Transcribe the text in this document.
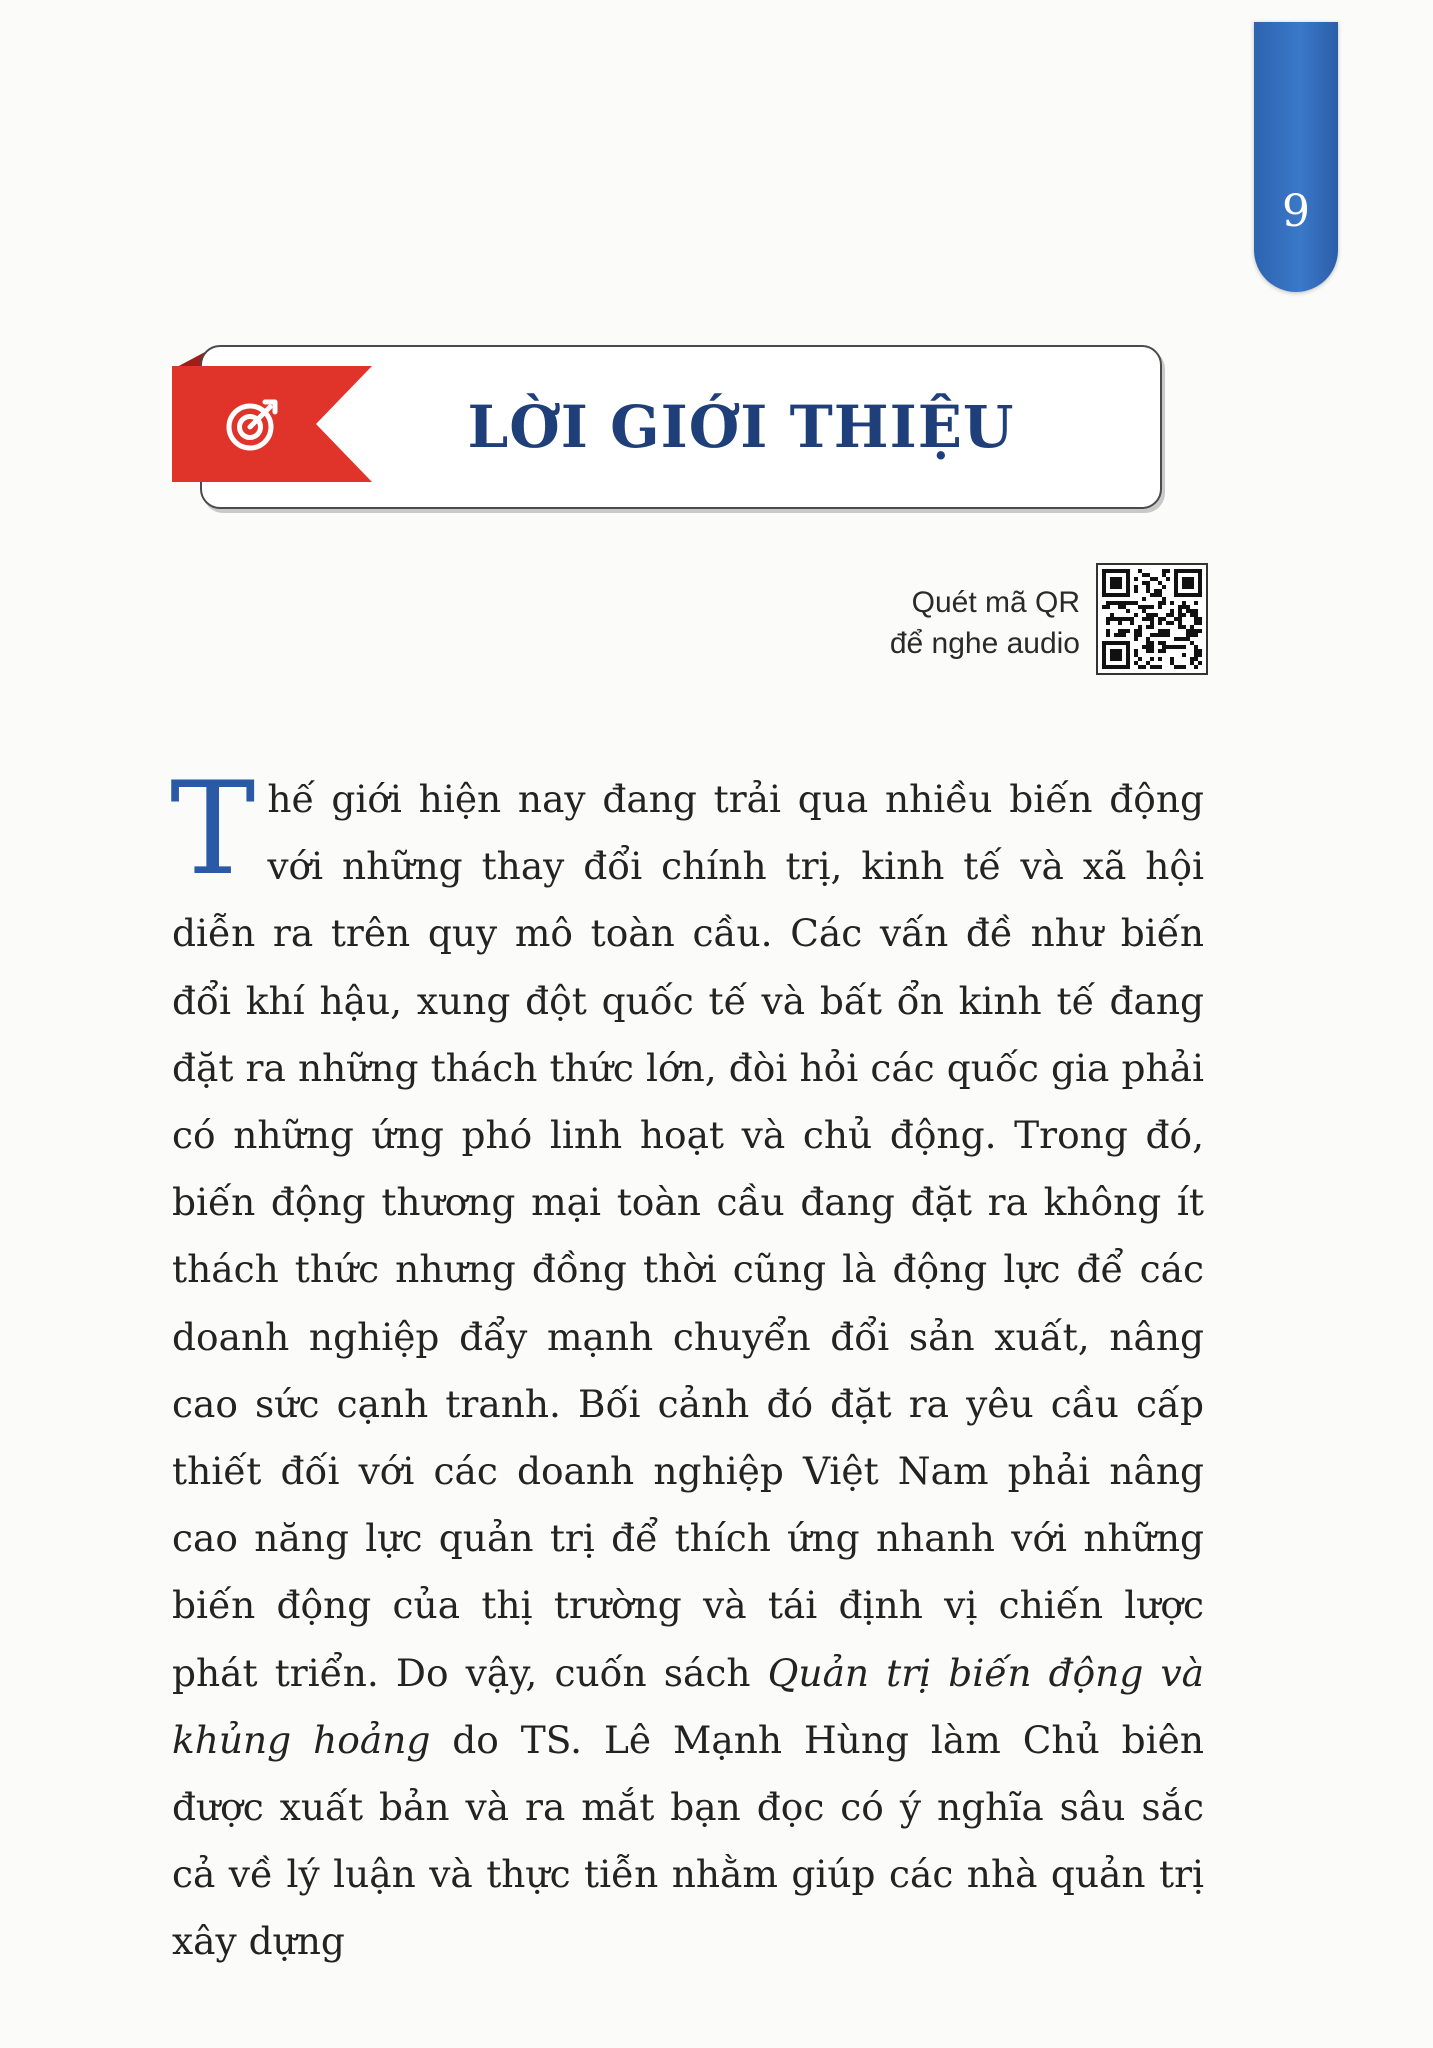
9
LỜI GIỚI THIỆU
Quét mã QR
để nghe audio

Thế giới hiện nay đang trải qua nhiều biến động với những thay đổi chính trị, kinh tế và xã hội diễn ra trên quy mô toàn cầu. Các vấn đề như biến đổi khí hậu, xung đột quốc tế và bất ổn kinh tế đang đặt ra những thách thức lớn, đòi hỏi các quốc gia phải có những ứng phó linh hoạt và chủ động. Trong đó, biến động thương mại toàn cầu đang đặt ra không ít thách thức nhưng đồng thời cũng là động lực để các doanh nghiệp đẩy mạnh chuyển đổi sản xuất, nâng cao sức cạnh tranh. Bối cảnh đó đặt ra yêu cầu cấp thiết đối với các doanh nghiệp Việt Nam phải nâng cao năng lực quản trị để thích ứng nhanh với những biến động của thị trường và tái định vị chiến lược phát triển. Do vậy, cuốn sách Quản trị biến động và khủng hoảng do TS. Lê Mạnh Hùng làm Chủ biên được xuất bản và ra mắt bạn đọc có ý nghĩa sâu sắc cả về lý luận và thực tiễn nhằm giúp các nhà quản trị xây dựng
